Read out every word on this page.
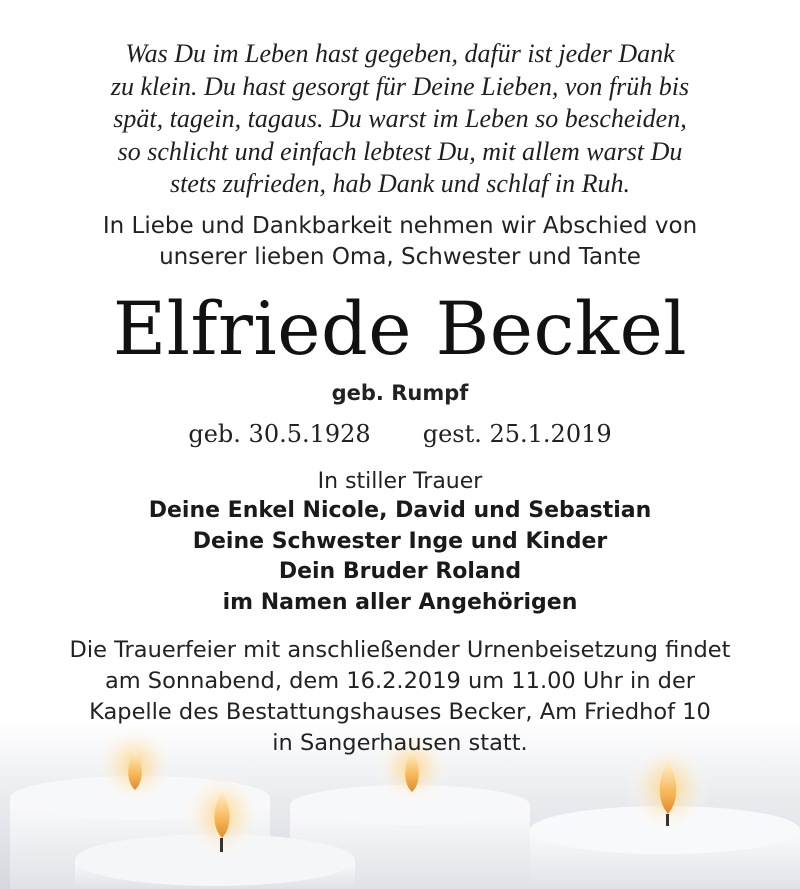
Was Du im Leben hast gegeben, dafür ist jeder Dank
zu klein. Du hast gesorgt für Deine Lieben, von früh bis
spät, tagein, tagaus. Du warst im Leben so bescheiden,
so schlicht und einfach lebtest Du, mit allem warst Du
stets zufrieden, hab Dank und schlaf in Ruh.
In Liebe und Dankbarkeit nehmen wir Abschied von
unserer lieben Oma, Schwester und Tante
Elfriede Beckel
geb. Rumpf
geb. 30.5.1928 gest. 25.1.2019
In stiller Trauer
Deine Enkel Nicole, David und Sebastian
Deine Schwester Inge und Kinder
Dein Bruder Roland
im Namen aller Angehörigen
Die Trauerfeier mit anschließender Urnenbeisetzung findet
am Sonnabend, dem 16.2.2019 um 11.00 Uhr in der
Kapelle des Bestattungshauses Becker, Am Friedhof 10
in Sangerhausen statt.
